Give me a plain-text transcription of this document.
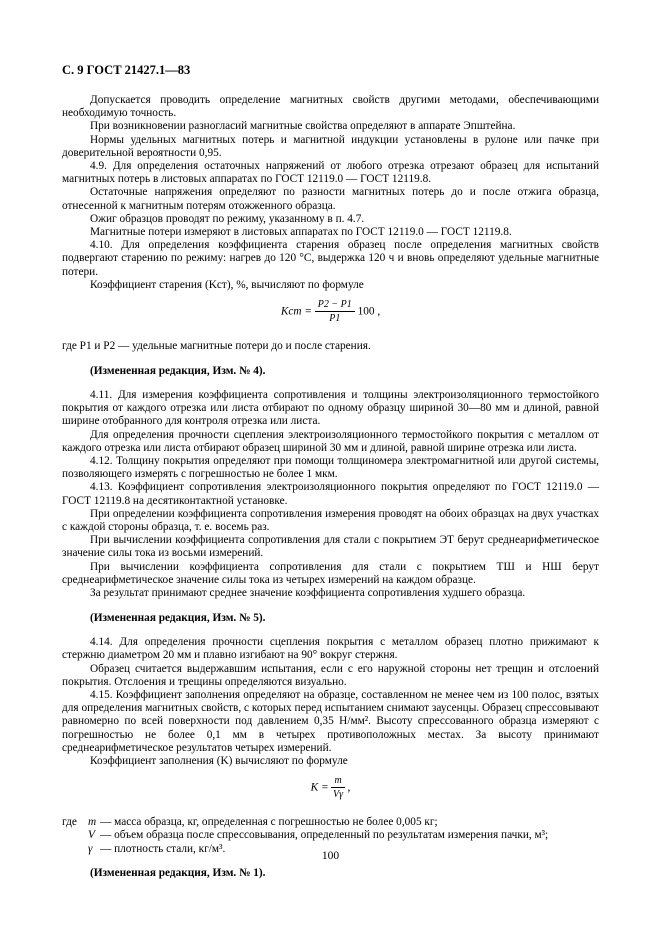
С. 9 ГОСТ 21427.1—83

Допускается проводить определение магнитных свойств другими методами, обеспечивающими необходимую точность.

При возникновении разногласий магнитные свойства определяют в аппарате Эпштейна.

Нормы удельных магнитных потерь и магнитной индукции установлены в рулоне или пачке при доверительной вероятности 0,95.

4.9. Для определения остаточных напряжений от любого отрезка отрезают образец для испытаний магнитных потерь в листовых аппаратах по ГОСТ 12119.0 — ГОСТ 12119.8.

Остаточные напряжения определяют по разности магнитных потерь до и после отжига образца, отнесенной к магнитным потерям отожженного образца.

Ожиг образцов проводят по режиму, указанному в п. 4.7.

Магнитные потери измеряют в листовых аппаратах по ГОСТ 12119.0 — ГОСТ 12119.8.

4.10. Для определения коэффициента старения образец после определения магнитных свойств подвергают старению по режиму: нагрев до 120 °С, выдержка 120 ч и вновь определяют удельные магнитные потери.

Коэффициент старения (Kст), %, вычисляют по формуле

Kст = $\frac{P2 - P1}{P1} 100$ ,

где P1 и P2 — удельные магнитные потери до и после старения.

(Измененная редакция, Изм. № 4).

4.11. Для измерения коэффициента сопротивления и толщины электроизоляционного термостойкого покрытия от каждого отрезка или листа отбирают по одному образцу шириной 30—80 мм и длиной, равной ширине отобранного для контроля отрезка или листа.

Для определения прочности сцепления электроизоляционного термостойкого покрытия с металлом от каждого отрезка или листа отбирают образец шириной 30 мм и длиной, равной ширине отрезка или листа.

4.12. Толщину покрытия определяют при помощи толщиномера электромагнитной или другой системы, позволяющего измерять с погрешностью не более 1 мкм.

4.13. Коэффициент сопротивления электроизоляционного покрытия определяют по ГОСТ 12119.0 — ГОСТ 12119.8 на десятиконтактной установке.

При определении коэффициента сопротивления измерения проводят на обоих образцах на двух участках с каждой стороны образца, т. е. восемь раз.

При вычислении коэффициента сопротивления для стали с покрытием ЭТ берут среднеарифметическое значение силы тока из восьми измерений.

При вычислении коэффициента сопротивления для стали с покрытием ТШ и НШ берут среднеарифметическое значение силы тока из четырех измерений на каждом образце.

За результат принимают среднее значение коэффициента сопротивления худшего образца.

(Измененная редакция, Изм. № 5).

4.14. Для определения прочности сцепления покрытия с металлом образец плотно прижимают к стержню диаметром 20 мм и плавно изгибают на 90° вокруг стержня.

Образец считается выдержавшим испытания, если с его наружной стороны нет трещин и отслоений покрытия. Отслоения и трещины определяются визуально.

4.15. Коэффициент заполнения определяют на образце, составленном не менее чем из 100 полос, взятых для определения магнитных свойств, с которых перед испытанием снимают заусенцы. Образец спрессовывают равномерно по всей поверхности под давлением 0,35 Н/мм². Высоту спрессованного образца измеряют с погрешностью не более 0,1 мм в четырех противоположных местах. За высоту принимают среднеарифметическое результатов четырех измерений.

Коэффициент заполнения (K) вычисляют по формуле

$K = \frac{m}{V\gamma}$ ,
где m — масса образца, кг, определенная с погрешностью не более 0,005 кг;
V — объем образца после спрессовывания, определенный по результатам измерения пачки, м³;
γ — плотность стали, кг/м³.

(Измененная редакция, Изм. № 1).

100
